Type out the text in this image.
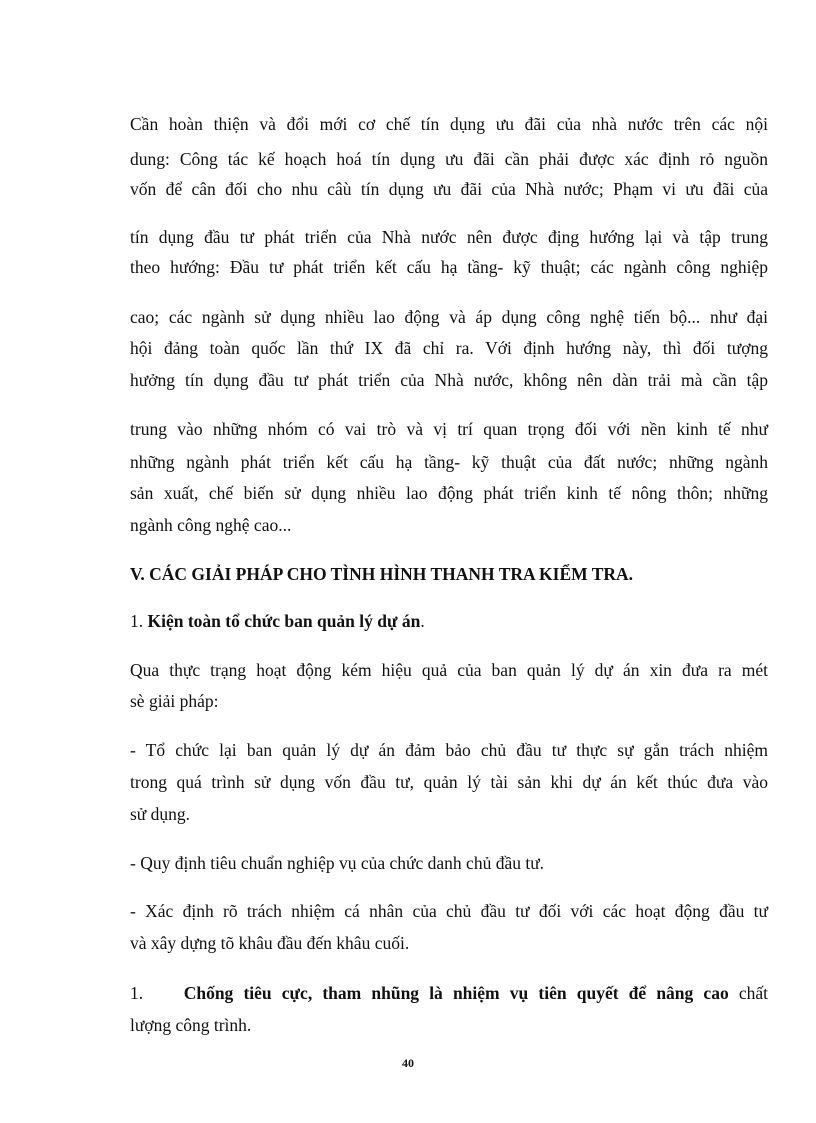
Cần hoàn thiện và đổi mới cơ chế tín dụng ưu đãi của nhà nước trên các nội
dung: Công tác kế hoạch hoá tín dụng ưu đãi cần phải được xác định rỏ nguồn
vốn để cân đối cho nhu câù tín dụng ưu đãi của Nhà nước; Phạm vi ưu đãi của
tín dụng đầu tư phát triển của Nhà nước nên được địng hướng lại và tập trung
theo hướng: Đầu tư phát triển kết cấu hạ tầng- kỹ thuật; các ngành công nghiệp
cao; các ngành sử dụng nhiều lao động và áp dụng công nghệ tiến bộ... như đại
hội đảng toàn quốc lần thứ IX đã chỉ ra. Với định hướng này, thì đối tượng
hưởng tín dụng đầu tư phát triển của Nhà nước, không nên dàn trải mà cần tập
trung vào những nhóm có vai trò và vị trí quan trọng đối với nền kinh tế như
những ngành phát triển kết cấu hạ tầng- kỹ thuật của đất nước; những ngành
sản xuất, chế biến sử dụng nhiều lao động phát triển kinh tế nông thôn; những
ngành công nghệ cao...
V. CÁC GIẢI PHÁP CHO TÌNH HÌNH THANH TRA KIỂM TRA.
1. Kiện toàn tổ chức ban quản lý dự án.
Qua thực trạng hoạt động kém hiệu quả của ban quản lý dự án xin đưa ra mét
sè giải pháp:
- Tổ chức lại ban quản lý dự án đảm bảo chủ đầu tư thực sự gắn trách nhiệm
trong quá trình sử dụng vốn đầu tư, quản lý tài sản khi dự án kết thúc đưa vào
sử dụng.
- Quy định tiêu chuẩn nghiệp vụ của chức danh chủ đầu tư.
- Xác định rõ trách nhiệm cá nhân của chủ đầu tư đối với các hoạt động đầu tư
và xây dựng tõ khâu đầu đến khâu cuối.
1. Chống tiêu cực, tham nhũng là nhiệm vụ tiên quyết để nâng cao chất
lượng công trình.
40
